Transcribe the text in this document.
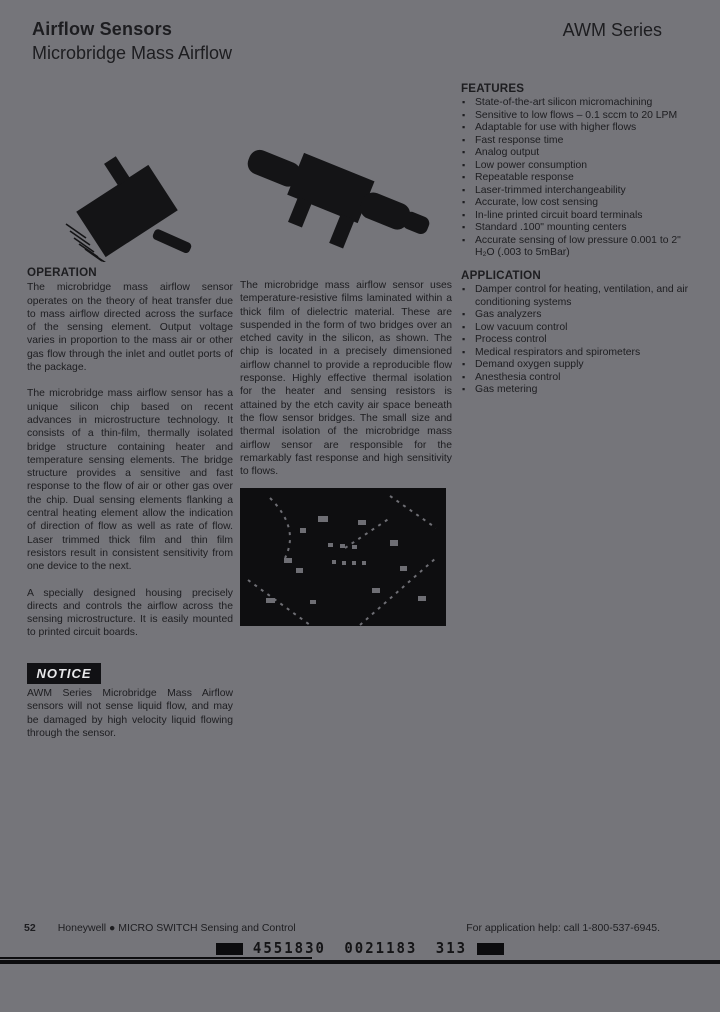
Airflow Sensors
Microbridge Mass Airflow
AWM Series
FEATURES
▪ State-of-the-art silicon micromachining
▪ Sensitive to low flows – 0.1 sccm to 20 LPM
▪ Adaptable for use with higher flows
▪ Fast response time
▪ Analog output
▪ Low power consumption
▪ Repeatable response
▪ Laser-trimmed interchangeability
▪ Accurate, low cost sensing
▪ In-line printed circuit board terminals
▪ Standard .100" mounting centers
▪ Accurate sensing of low pressure 0.001 to 2" H₂O (.003 to 5mBar)
APPLICATION
▪ Damper control for heating, ventilation, and air conditioning systems
▪ Gas analyzers
▪ Low vacuum control
▪ Process control
▪ Medical respirators and spirometers
▪ Demand oxygen supply
▪ Anesthesia control
▪ Gas metering
OPERATION

The microbridge mass airflow sensor operates on the theory of heat transfer due to mass airflow directed across the surface of the sensing element. Output voltage varies in proportion to the mass air or other gas flow through the inlet and outlet ports of the package.

The microbridge mass airflow sensor has a unique silicon chip based on recent advances in microstructure technology. It consists of a thin-film, thermally isolated bridge structure containing heater and temperature sensing elements. The bridge structure provides a sensitive and fast response to the flow of air or other gas over the chip. Dual sensing elements flanking a central heating element allow the indication of direction of flow as well as rate of flow. Laser trimmed thick film and thin film resistors result in consistent sensitivity from one device to the next.

A specially designed housing precisely directs and controls the airflow across the sensing microstructure. It is easily mounted to printed circuit boards.

The microbridge mass airflow sensor uses temperature-resistive films laminated within a thick film of dielectric material. These are suspended in the form of two bridges over an etched cavity in the silicon, as shown. The chip is located in a precisely dimensioned airflow channel to provide a reproducible flow response. Highly effective thermal isolation for the heater and sensing resistors is attained by the etch cavity air space beneath the flow sensor bridges. The small size and thermal isolation of the microbridge mass airflow sensor are responsible for the remarkably fast response and high sensitivity to flows.

NOTICE
AWM Series Microbridge Mass Airflow sensors will not sense liquid flow, and may be damaged by high velocity liquid flowing through the sensor.
52 Honeywell ● MICRO SWITCH Sensing and Control	For application help: call 1-800-537-6945.
4551830 0021183 313
